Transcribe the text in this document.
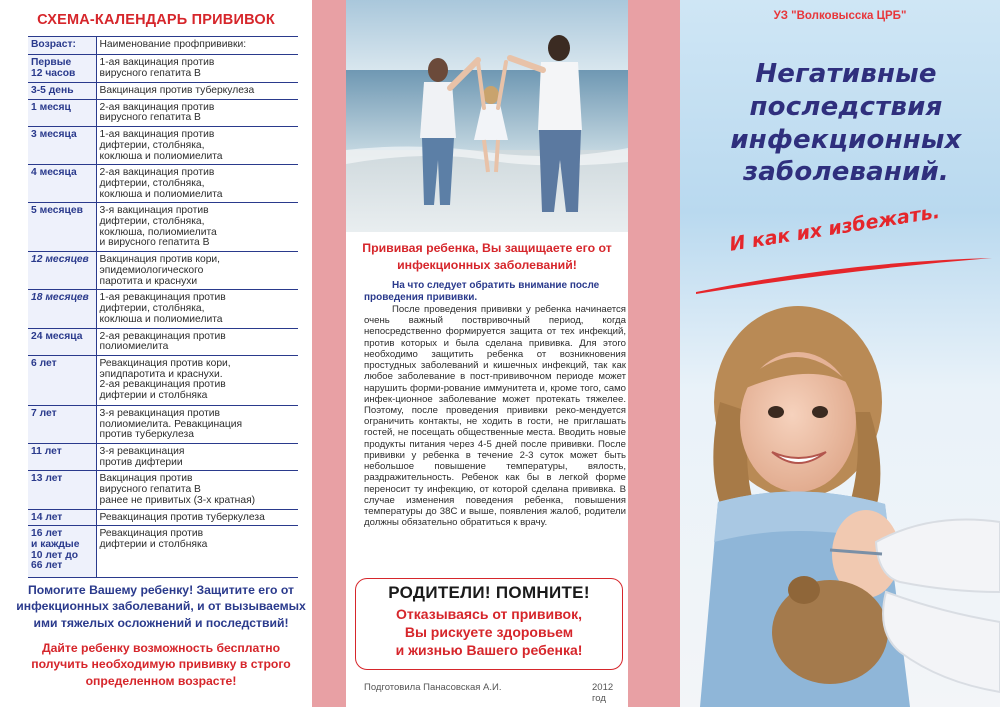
СХЕМА-КАЛЕНДАРЬ ПРИВИВОК
Возраст:	Наименование профпрививки:
Первые
12 часов	1-ая вакцинация против
вирусного гепатита В
3-5 день	Вакцинация против туберкулеза
1 месяц	2-ая вакцинация против
вирусного гепатита В
3 месяца	1-ая вакцинация против
дифтерии, столбняка,
коклюша и полиомиелита
4 месяца	2-ая вакцинация против
дифтерии, столбняка,
коклюша и полиомиелита
5 месяцев	3-я вакцинация против
дифтерии, столбняка,
коклюша, полиомиелита
и вирусного гепатита В
12 месяцев	Вакцинация против кори,
эпидемиологического
паротита и краснухи
18 месяцев	1-ая ревакцинация против
дифтерии, столбняка,
коклюша и полиомиелита
24 месяца	2-ая ревакцинация против
полиомиелита
6 лет	Ревакцинация против кори,
эпидпаротита и краснухи.
2-ая ревакцинация против
дифтерии и столбняка
7 лет	3-я ревакцинация против
полиомиелита. Ревакцинация
против туберкулеза
11 лет	3-я ревакцинация
против дифтерии
13 лет	Вакцинация против
вирусного гепатита В
ранее не привитых (3-х кратная)
14 лет	Ревакцинация против туберкулеза
16 лет
и каждые
10 лет до
66 лет	Ревакцинация против
дифтерии и столбняка

Помогите Вашему ребенку! Защитите его от инфекционных заболеваний, и от вызываемых ими тяжелых осложнений и последствий!

Дайте ребенку возможность бесплатно получить необходимую прививку в строго определенном возрасте!

Прививая ребенка, Вы защищаете его от инфекционных заболеваний!

На что следует обратить внимание после проведения прививки.

После проведения прививки у ребенка начинается очень важный поствривочный период, когда непосредственно формируется защита от тех инфекций, против которых и была сделана прививка. Для этого необходимо защитить ребенка от возникновения простудных заболеваний и кишечных инфекций, так как любое заболевание в пост-прививочном периоде может нарушить форми-рование иммунитета и, кроме того, само инфек-ционное заболевание может протекать тяжелее. Поэтому, после проведения прививки реко-мендуется ограничить контакты, не ходить в гости, не приглашать гостей, не посещать общественные места. Вводить новые продукты питания через 4-5 дней после прививки. После прививки у ребенка в течение 2-3 суток может быть небольшое повышение температуры, вялость, раздражительность. Ребенок как бы в легкой форме переносит ту инфекцию, от которой сделана прививка. В случае изменения поведения ребенка, повышения температуры до 38С и выше, появления жалоб, родители должны обязательно обратиться к врачу.

РОДИТЕЛИ! ПОМНИТЕ!
Отказываясь от прививок,
Вы рискуете здоровьем
и жизнью Вашего ребенка!
Подготовила Панасовская А.И.	2012 год
УЗ "Волковысска ЦРБ"
Негативные
последствия
инфекционных
заболеваний.
И как их избежать.
